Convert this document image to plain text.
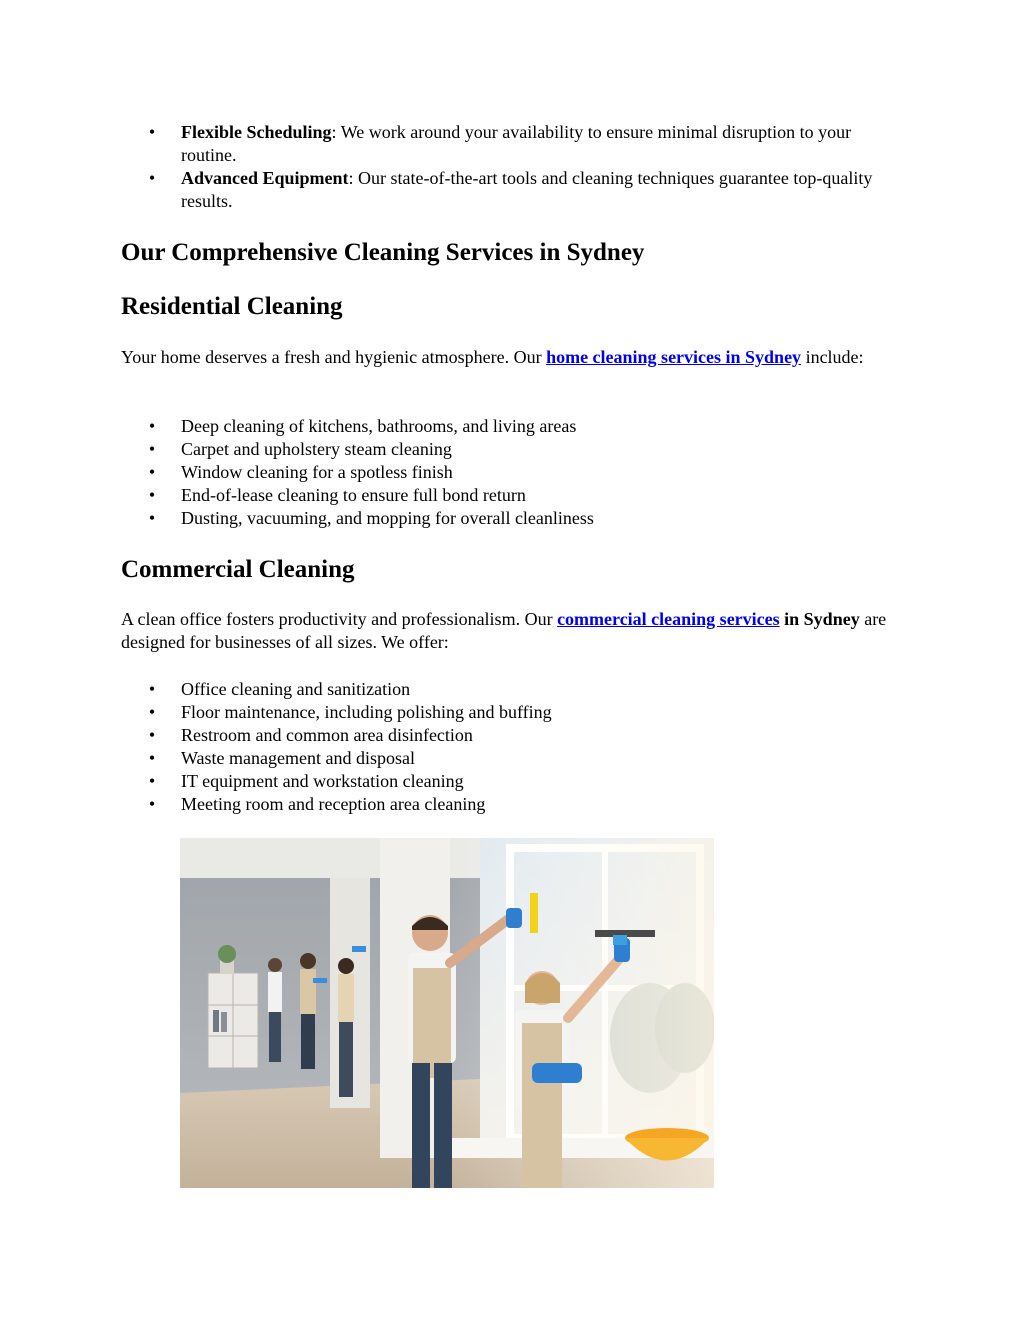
• Flexible Scheduling: We work around your availability to ensure minimal disruption to your routine.
• Advanced Equipment: Our state-of-the-art tools and cleaning techniques guarantee top-quality results.
Our Comprehensive Cleaning Services in Sydney
Residential Cleaning

Your home deserves a fresh and hygienic atmosphere. Our home cleaning services in Sydney include:

• Deep cleaning of kitchens, bathrooms, and living areas
• Carpet and upholstery steam cleaning
• Window cleaning for a spotless finish
• End-of-lease cleaning to ensure full bond return
• Dusting, vacuuming, and mopping for overall cleanliness
Commercial Cleaning

A clean office fosters productivity and professionalism. Our commercial cleaning services in Sydney are designed for businesses of all sizes. We offer:

• Office cleaning and sanitization
• Floor maintenance, including polishing and buffing
• Restroom and common area disinfection
• Waste management and disposal
• IT equipment and workstation cleaning
• Meeting room and reception area cleaning
